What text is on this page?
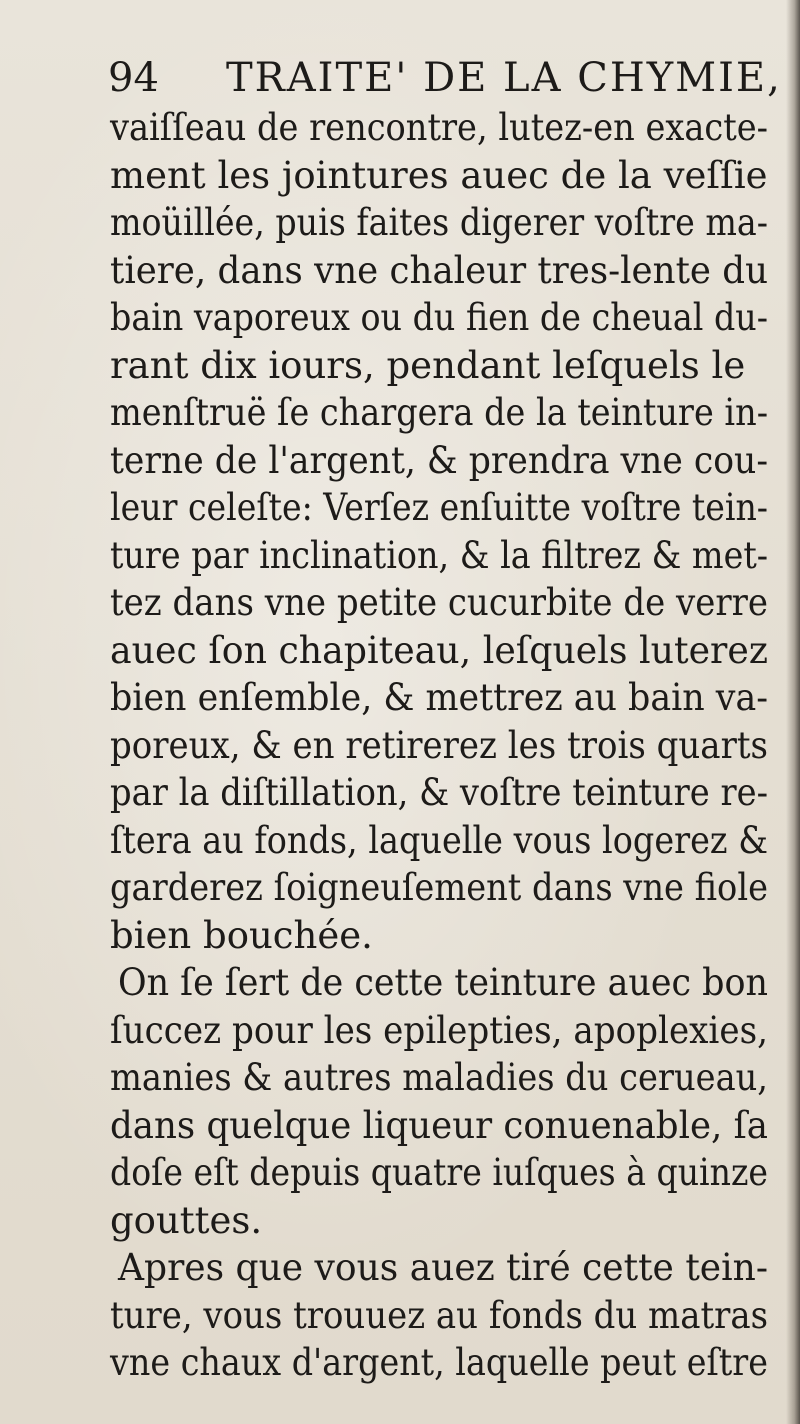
94 TRAITE' DE LA CHYMIE,
vaiſſeau de rencontre, lutez-en exacte-
ment les jointures auec de la veſſie
moüillée, puis faites digerer voſtre ma-
tiere, dans vne chaleur tres-lente du
bain vaporeux ou du fien de cheual du-
rant dix iours, pendant leſquels le
menſtruë ſe chargera de la teinture in-
terne de l'argent, & prendra vne cou-
leur celeſte: Verſez enſuitte voſtre tein-
ture par inclination, & la filtrez & met-
tez dans vne petite cucurbite de verre
auec ſon chapiteau, leſquels luterez
bien enſemble, & mettrez au bain va-
poreux, & en retirerez les trois quarts
par la diſtillation, & voſtre teinture re-
ſtera au fonds, laquelle vous logerez &
garderez ſoigneuſement dans vne fiole
bien bouchée.
On ſe ſert de cette teinture auec bon
ſuccez pour les epilepties, apoplexies,
manies & autres maladies du cerueau,
dans quelque liqueur conuenable, ſa
doſe eſt depuis quatre iuſques à quinze
gouttes.
Apres que vous auez tiré cette tein-
ture, vous trouuez au fonds du matras
vne chaux d'argent, laquelle peut eſtre
